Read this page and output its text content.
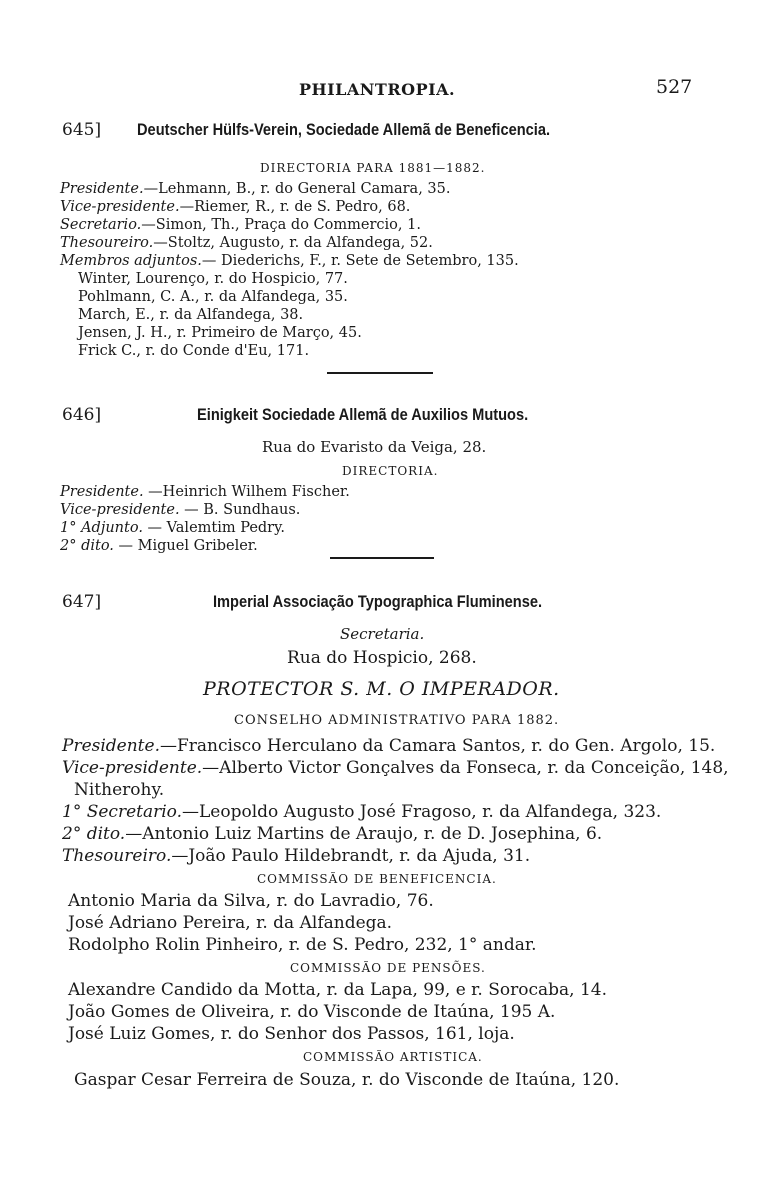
PHILANTROPIA.	527
645] Deutscher Hülfs-Verein, Sociedade Allemã de Beneficencia.
DIRECTORIA PARA 1881—1882.
Presidente.—Lehmann, B., r. do General Camara, 35.
Vice-presidente.—Riemer, R., r. de S. Pedro, 68.
Secretario.—Simon, Th., Praça do Commercio, 1.
Thesoureiro.—Stoltz, Augusto, r. da Alfandega, 52.
Membros adjuntos.— Diederichs, F., r. Sete de Setembro, 135.
Winter, Lourenço, r. do Hospicio, 77.
Pohlmann, C. A., r. da Alfandega, 35.
March, E., r. da Alfandega, 38.
Jensen, J. H., r. Primeiro de Março, 45.
Frick C., r. do Conde d'Eu, 171.
646]	Einigkeit Sociedade Allemã de Auxilios Mutuos.
Rua do Evaristo da Veiga, 28.
DIRECTORIA.
Presidente. —Heinrich Wilhem Fischer.
Vice-presidente. — B. Sundhaus.
1° Adjunto. — Valemtim Pedry.
2° dito. — Miguel Gribeler.
647]	Imperial Associação Typographica Fluminense.
Secretaria.
Rua do Hospicio, 268.
PROTECTOR S. M. O IMPERADOR.
CONSELHO ADMINISTRATIVO PARA 1882.
Presidente.—Francisco Herculano da Camara Santos, r. do Gen. Argolo, 15.
Vice-presidente.—Alberto Victor Gonçalves da Fonseca, r. da Conceição, 148,
Nitherohy.
1° Secretario.—Leopoldo Augusto José Fragoso, r. da Alfandega, 323.
2° dito.—Antonio Luiz Martins de Araujo, r. de D. Josephina, 6.
Thesoureiro.—João Paulo Hildebrandt, r. da Ajuda, 31.
COMMISSÃO DE BENEFICENCIA.
Antonio Maria da Silva, r. do Lavradio, 76.
José Adriano Pereira, r. da Alfandega.
Rodolpho Rolin Pinheiro, r. de S. Pedro, 232, 1° andar.
COMMISSÃO DE PENSÕES.
Alexandre Candido da Motta, r. da Lapa, 99, e r. Sorocaba, 14.
João Gomes de Oliveira, r. do Visconde de Itaúna, 195 A.
José Luiz Gomes, r. do Senhor dos Passos, 161, loja.
COMMISSÃO ARTISTICA.
Gaspar Cesar Ferreira de Souza, r. do Visconde de Itaúna, 120.
